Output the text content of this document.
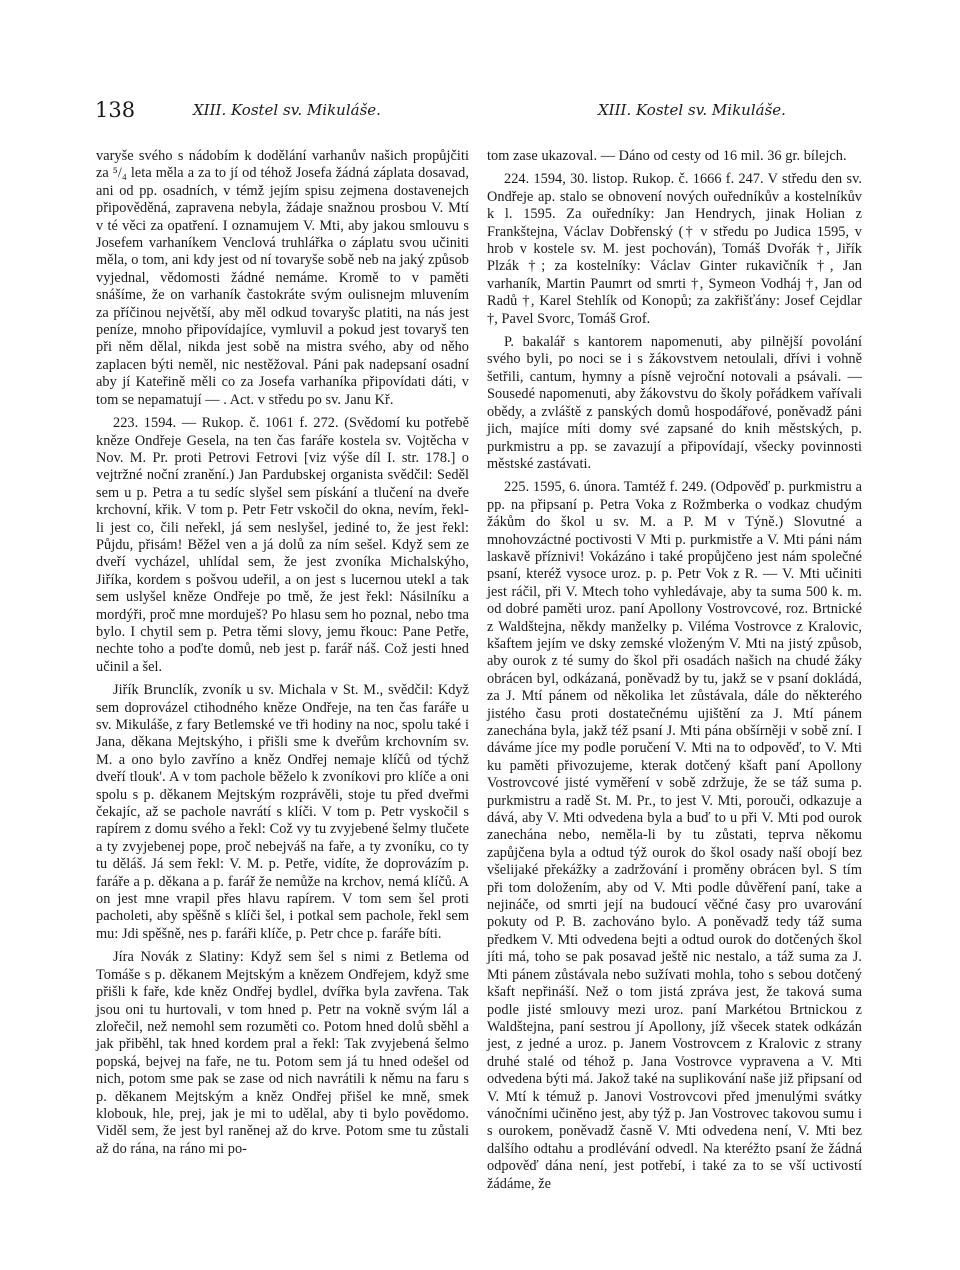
138	XIII. Kostel sv. Mikuláše.	XIII. Kostel sv. Mikuláše.

varyše svého s nádobím k dodělání varhanův našich propůjčiti za ⁵/₄ leta měla a za to jí od téhož Josefa žádná záplata dosavad, ani od pp. osadních, v témž jejím spisu zejmena dostavenejch připověděná, zapravena nebyla, žádaje snažnou prosbou V. Mtí v té věci za opatření. I oznamujem V. Mti, aby jakou smlouvu s Josefem varhaníkem Venclová truhlářka o záplatu svou učiniti měla, o tom, ani kdy jest od ní tovaryše sobě neb na jaký způsob vyjednal, vědomosti žádné nemáme. Kromě to v paměti snášíme, že on varhaník častokráte svým oulisnejm mluvením za příčinou největší, aby měl odkud tovaryšc platiti, na nás jest peníze, mnoho připovídajíce, vymluvil a pokud jest tovaryš ten při něm dělal, nikda jest sobě na mistra svého, aby od něho zaplacen býti neměl, nic nestěžoval. Páni pak nadepsaní osadní aby jí Kateřině měli co za Josefa varhaníka připovídati dáti, v tom se nepamatují — . Act. v středu po sv. Janu Kř.

223. 1594. — Rukop. č. 1061 f. 272. (Svědomí ku potřebě kněze Ondřeje Gesela, na ten čas faráře kostela sv. Vojtěcha v Nov. M. Pr. proti Petrovi Fetrovi [viz výše díl I. str. 178.] o vejtržné noční zranění.) Jan Pardubskej organista svědčil: Seděl sem u p. Petra a tu sedíc slyšel sem pískání a tlučení na dveře krchovní, křik. V tom p. Petr Fetr vskočil do okna, nevím, řekl-li jest co, čili neřekl, já sem neslyšel, jediné to, že jest řekl: Půjdu, přisám! Běžel ven a já dolů za ním sešel. Když sem ze dveří vycházel, uhlídal sem, že jest zvoníka Michalskýho, Jiříka, kordem s pošvou udeřil, a on jest s lucernou utekl a tak sem uslyšel kněze Ondřeje po tmě, že jest řekl: Násilníku a mordýři, proč mne morduješ? Po hlasu sem ho poznal, nebo tma bylo. I chytil sem p. Petra těmi slovy, jemu řkouc: Pane Petře, nechte toho a poďte domů, neb jest p. farář náš. Což jesti hned učinil a šel.

Jiřík Brunclík, zvoník u sv. Michala v St. M., svědčil: Když sem doprovázel ctihodného kněze Ondřeje, na ten čas faráře u sv. Mikuláše, z fary Betlemské ve tři hodiny na noc, spolu také i Jana, děkana Mejtskýho, i přišli sme k dveřům krchovním sv. M. a ono bylo zavříno a kněz Ondřej nemaje klíčů od týchž dveří tlouk'. A v tom pachole běželo k zvoníkovi pro klíče a oni spolu s p. děkanem Mejtským rozprávěli, stoje tu před dveřmi čekajíc, až se pachole navrátí s klíči. V tom p. Petr vyskočil s rapírem z domu svého a řekl: Což vy tu zvyjebené šelmy tlučete a ty zvyjebenej pope, proč nebejváš na faře, a ty zvoníku, co ty tu děláš. Já sem řekl: V. M. p. Petře, vidíte, že doprovázím p. faráře a p. děkana a p. farář že nemůže na krchov, nemá klíčů. A on jest mne vrapil přes hlavu rapírem. V tom sem šel proti pacholeti, aby spěšně s klíči šel, i potkal sem pachole, řekl sem mu: Jdi spěšně, nes p. faráři klíče, p. Petr chce p. faráře bíti.

Jíra Novák z Slatiny: Když sem šel s nimi z Betlema od Tomáše s p. děkanem Mejtským a knězem Ondřejem, když sme přišli k faře, kde kněz Ondřej bydlel, dvířka byla zavřena. Tak jsou oni tu hurtovali, v tom hned p. Petr na vokně svým lál a zlořečil, než nemohl sem rozuměti co. Potom hned dolů sběhl a jak přiběhl, tak hned kordem pral a řekl: Tak zvyjebená šelmo popská, bejvej na faře, ne tu. Potom sem já tu hned odešel od nich, potom sme pak se zase od nich navrátili k němu na faru s p. děkanem Mejtským a kněz Ondřej přišel ke mně, smek klobouk, hle, prej, jak je mi to udělal, aby ti bylo povědomo. Viděl sem, že jest byl raněnej až do krve. Potom sme tu zůstali až do rána, na ráno mi po-

tom zase ukazoval. — Dáno od cesty od 16 mil. 36 gr. bílejch.

224. 1594, 30. listop. Rukop. č. 1666 f. 247. V středu den sv. Ondřeje ap. stalo se obnovení nových ouředníkův a kostelníkův k l. 1595. Za ouředníky: Jan Hendrych, jinak Holian z Frankštejna, Václav Dobřenský († v středu po Judica 1595, v hrob v kostele sv. M. jest pochován), Tomáš Dvořák †, Jiřík Plzák †; za kostelníky: Václav Ginter rukavičník †, Jan varhaník, Martin Paumrt od smrti †, Symeon Vodháj †, Jan od Radů †, Karel Stehlík od Konopů; za zakřišťány: Josef Cejdlar †, Pavel Svorc, Tomáš Grof.

P. bakalář s kantorem napomenuti, aby pilnější povolání svého byli, po noci se i s žákovstvem netoulali, dřívi i vohně šetřili, cantum, hymny a písně vejroční notovali a psávali. — Sousedé napomenuti, aby žákovstvu do školy pořádkem vařívali obědy, a zvláště z panských domů hospodářové, poněvadž páni jich, majíce míti domy své zapsané do knih městských, p. purkmistru a pp. se zavazují a připovídají, všecky povinnosti městské zastávati.

225. 1595, 6. února. Tamtéž f. 249. (Odpověď p. purkmistru a pp. na připsaní p. Petra Voka z Rožmberka o vodkaz chudým žákům do škol u sv. M. a P. M v Týně.) Slovutné a mnohovzáctné poctivosti V Mti p. purkmistře a V. Mti páni nám laskavě příznivi! Vokázáno i také propůjčeno jest nám společné psaní, kteréž vysoce uroz. p. p. Petr Vok z R. — V. Mti učiniti jest ráčil, při V. Mtech toho vyhledávaje, aby ta suma 500 k. m. od dobré paměti uroz. paní Apollony Vostrovcové, roz. Brtnické z Waldštejna, někdy manželky p. Viléma Vostrovce z Kralovic, kšaftem jejím ve dsky zemské vloženým V. Mti na jistý způsob, aby ourok z té sumy do škol při osadách našich na chudé žáky obrácen byl, odkázaná, poněvadž by tu, jakž se v psaní dokládá, za J. Mtí pánem od několika let zůstávala, dále do některého jistého času proti dostatečnému ujištění za J. Mtí pánem zanechána byla, jakž též psaní J. Mti pána obšírněji v sobě zní. I dáváme jíce my podle poručení V. Mti na to odpověď, to V. Mti ku paměti přivozujeme, kterak dotčený kšaft paní Apollony Vostrovcové jisté vyměření v sobě zdržuje, že se táž suma p. purkmistru a radě St. M. Pr., to jest V. Mti, porouči, odkazuje a dává, aby V. Mti odvedena byla a buď to u při V. Mti pod ourok zanechána nebo, neměla-li by tu zůstati, teprva někomu zapůjčena byla a odtud týž ourok do škol osady naší obojí bez všelijaké překážky a zadržování i proměny obrácen byl. S tím při tom doložením, aby od V. Mti podle důvěření paní, take a nejináče, od smrti její na budoucí věčné časy pro uvarování pokuty od P. B. zachováno bylo. A poněvadž tedy táž suma předkem V. Mti odvedena bejti a odtud ourok do dotčených škol jíti má, toho se pak posavad ještě nic nestalo, a táž suma za J. Mti pánem zůstávala nebo sužívati mohla, toho s sebou dotčený kšaft nepřináší. Než o tom jistá zpráva jest, že taková suma podle jisté smlouvy mezi uroz. paní Markétou Brtnickou z Waldštejna, paní sestrou jí Apollony, jíž všecek statek odkázán jest, z jedné a uroz. p. Janem Vostrovcem z Kralovic z strany druhé stalé od téhož p. Jana Vostrovce vypravena a V. Mti odvedena býti má. Jakož také na suplikování naše již připsaní od V. Mtí k témuž p. Janovi Vostrovcovi před jmenulými svátky vánočními učiněno jest, aby týž p. Jan Vostrovec takovou sumu i s ourokem, poněvadž časně V. Mti odvedena není, V. Mti bez dalšího odtahu a prodlévání odvedl. Na kteréžto psaní že žádná odpověď dána není, jest potřebí, i také za to se vší uctivostí žádáme, že
